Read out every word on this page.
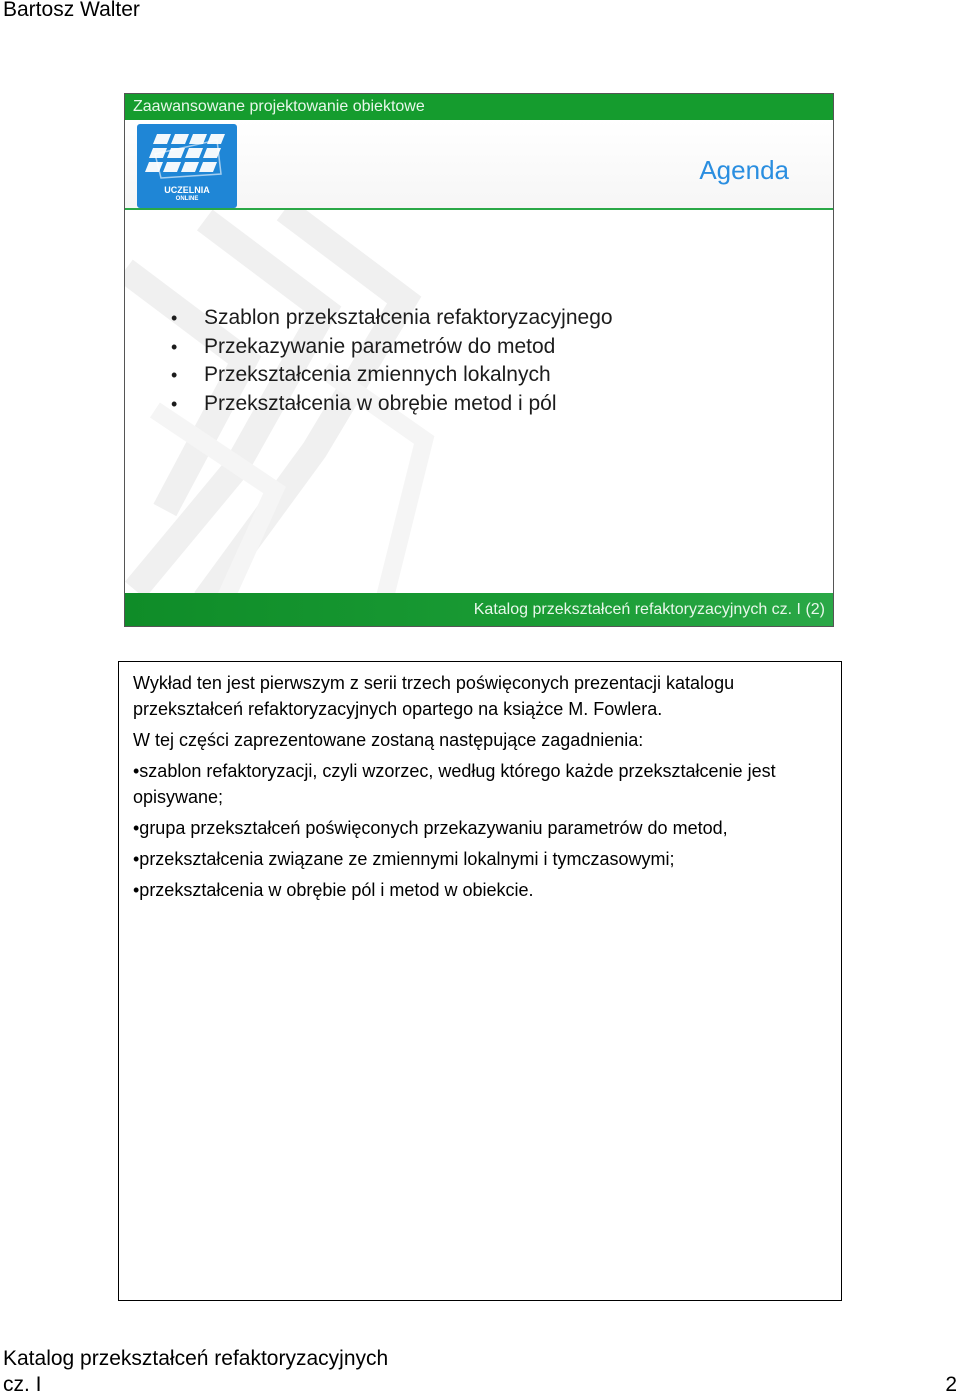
Bartosz Walter
Zaawansowane projektowanie obiektowe
UCZELNIA
ONLINE
Agenda
• Szablon przekształcenia refaktoryzacyjnego
• Przekazywanie parametrów do metod
• Przekształcenia zmiennych lokalnych
• Przekształcenia w obrębie metod i pól
Katalog przekształceń refaktoryzacyjnych cz. I (2)

Wykład ten jest pierwszym z serii trzech poświęconych prezentacji katalogu przekształceń refaktoryzacyjnych opartego na książce M. Fowlera.

W tej części zaprezentowane zostaną następujące zagadnienia:

•szablon refaktoryzacji, czyli wzorzec, według którego każde przekształcenie jest opisywane;

•grupa przekształceń poświęconych przekazywaniu parametrów do metod,

•przekształcenia związane ze zmiennymi lokalnymi i tymczasowymi;

•przekształcenia w obrębie pól i metod w obiekcie.

Katalog przekształceń refaktoryzacyjnych
cz. I	2
